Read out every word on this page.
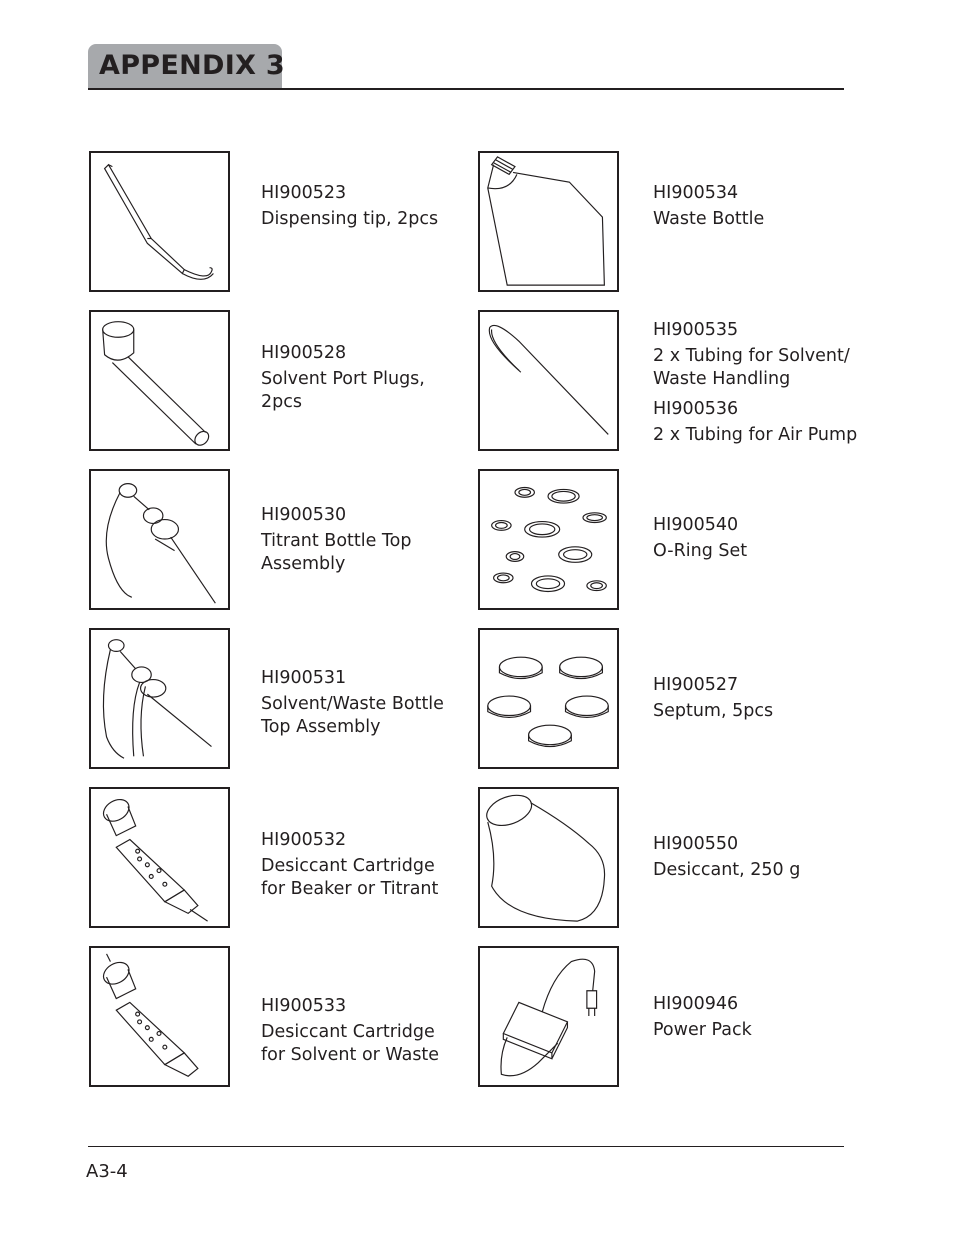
APPENDIX 3
HI900523
Dispensing tip, 2pcs
HI900534
Waste Bottle
HI900528
Solvent Port Plugs, 2pcs
HI900535
2 x Tubing for Solvent/ Waste Handling
HI900536
2 x Tubing for Air Pump
HI900530
Titrant Bottle Top Assembly
HI900540
O-Ring Set
HI900531
Solvent/Waste Bottle Top Assembly
HI900527
Septum, 5pcs
HI900532
Desiccant Cartridge for Beaker or Titrant
HI900550
Desiccant, 250 g
HI900533
Desiccant Cartridge for Solvent or Waste
HI900946
Power Pack
A3-4
